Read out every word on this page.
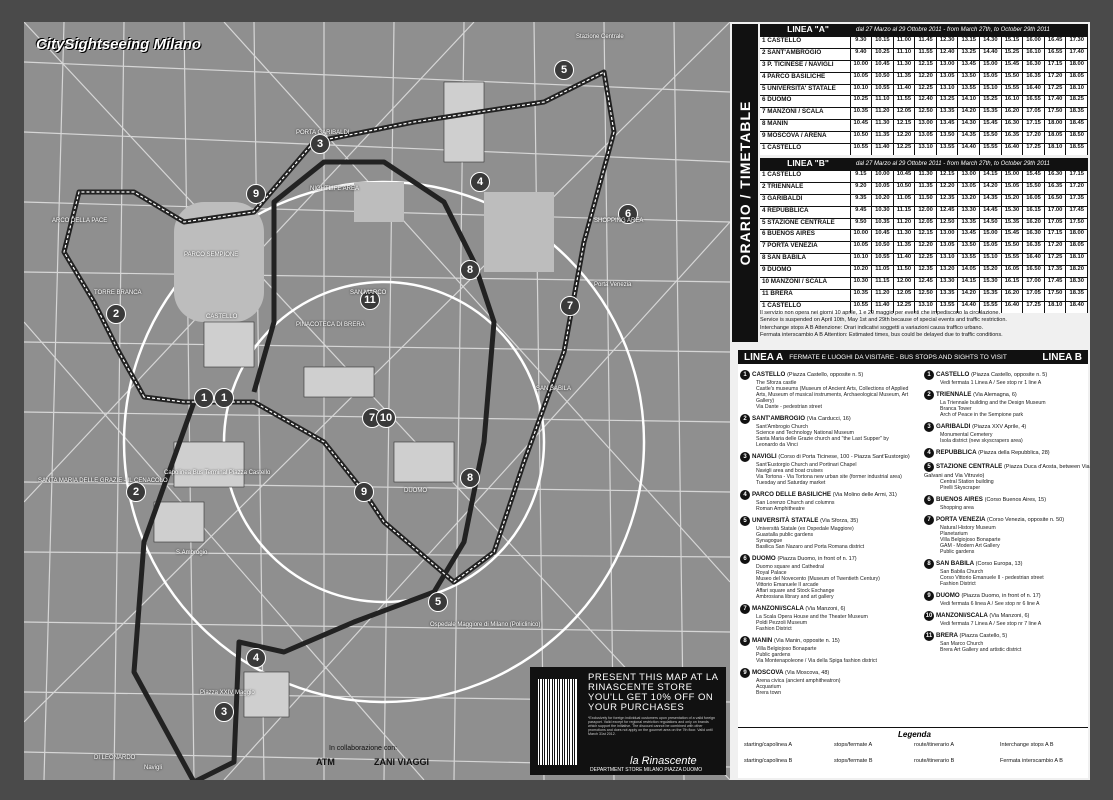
CitySightseeing Milano
1	1
2
2
3
3
4
4
5
5
6
7
7
8
8
9
9
10
11
PORTA GARIBALDI
CASTELLO
SAN MARCO
PINACOTECA DI BRERA
DUOMO
SAN BABILA
S.Ambrogio
PARCO SEMPIONE
ARCO DELLA PACE
SANTA MARIA DELLE GRAZIE - IL CENACOLO
Capolinea Bus Terminal Piazza Castello
TORRE BRANCA
Piazza XXIV Maggio
DI LEONARDO
Navigli
Ospedale Maggiore di Milano (Policlinico)
Stazione Centrale
Porta Venezia
NIGHTLIFE AREA
SHOPPING AREA
PRESENT THIS MAP AT LA RINASCENTE STORE YOU'LL GET 10% OFF ON YOUR PURCHASES
*Exclusively for foreign individual customers upon presentation of a valid foreign passport. Valid except for regional restriction regulations and only on brands which support the initiative. The discount cannot be combined with other promotions and does not apply on the gourmet area on the 7th floor. Valid until March 31st 2012.
la Rinascente
DEPARTMENT STORE MILANO PIAZZA DUOMO
In collaborazione con:
ATM	ZANI VIAGGI
ORARIO / TIMETABLE
LINEA "A"	dal 27 Marzo al 29 Ottobre 2011 - from March 27th, to October 29th 2011
1 CASTELLO	9.30	10.15	11.00	11.45	12.30	13.15	14.30	15.15	16.00	16.45	17.30
2 SANT'AMBROGIO	9.40	10.25	11.10	11.55	12.40	13.25	14.40	15.25	16.10	16.55	17.40
3 P. TICINESE / NAVIGLI	10.00	10.45	11.30	12.15	13.00	13.45	15.00	15.45	16.30	17.15	18.00
4 PARCO BASILICHE	10.05	10.50	11.35	12.20	13.05	13.50	15.05	15.50	16.35	17.20	18.05
5 UNIVERSITA' STATALE	10.10	10.55	11.40	12.25	13.10	13.55	15.10	15.55	16.40	17.25	18.10
6 DUOMO	10.25	11.10	11.55	12.40	13.25	14.10	15.25	16.10	16.55	17.40	18.25
7 MANZONI / SCALA	10.35	11.20	12.05	12.50	13.35	14.20	15.35	16.20	17.05	17.50	18.35
8 MANIN	10.45	11.30	12.15	13.00	13.45	14.30	15.45	16.30	17.15	18.00	18.45
9 MOSCOVA / ARENA	10.50	11.35	12.20	13.05	13.50	14.35	15.50	16.35	17.20	18.05	18.50
1 CASTELLO	10.55	11.40	12.25	13.10	13.55	14.40	15.55	16.40	17.25	18.10	18.55
LINEA "B"	dal 27 Marzo al 29 Ottobre 2011 - from March 27th, to October 29th 2011
1 CASTELLO	9.15	10.00	10.45	11.30	12.15	13.00	14.15	15.00	15.45	16.30	17.15
2 TRIENNALE	9.20	10.05	10.50	11.35	12.20	13.05	14.20	15.05	15.50	16.35	17.20
3 GARIBALDI	9.35	10.20	11.05	11.50	12.35	13.20	14.35	15.20	16.05	16.50	17.35
4 REPUBBLICA	9.45	10.30	11.15	12.00	12.45	13.30	14.45	15.30	16.15	17.00	17.45
5 STAZIONE CENTRALE	9.50	10.35	11.20	12.05	12.50	13.35	14.50	15.35	16.20	17.05	17.50
6 BUENOS AIRES	10.00	10.45	11.30	12.15	13.00	13.45	15.00	15.45	16.30	17.15	18.00
7 PORTA VENEZIA	10.05	10.50	11.35	12.20	13.05	13.50	15.05	15.50	16.35	17.20	18.05
8 SAN BABILA	10.10	10.55	11.40	12.25	13.10	13.55	15.10	15.55	16.40	17.25	18.10
9 DUOMO	10.20	11.05	11.50	12.35	13.20	14.05	15.20	16.05	16.50	17.35	18.20
10 MANZONI / SCALA	10.30	11.15	12.00	12.45	13.30	14.15	15.30	16.15	17.00	17.45	18.30
11 BRERA	10.35	11.20	12.05	12.50	13.35	14.20	15.35	16.20	17.05	17.50	18.35
1 CASTELLO	10.55	11.40	12.25	13.10	13.55	14.40	15.55	16.40	17.25	18.10	18.40
Il servizio non opera nei giorni 10 aprile, 1 e 29 maggio per eventi che impediscono la circolazione.
Service is suspended on April 10th, May 1st and 29th because of special events and traffic restriction.
Interchange stops A B Attenzione: Orari indicativi soggetti a variazioni causa traffico urbano.
Fermata interscambio A B Attention: Estimated times, bus could be delayed due to traffic conditions.
LINEA A FERMATE E LUOGHI DA VISITARE - BUS STOPS AND SIGHTS TO VISIT	LINEA B
1 CASTELLO (Piazza Castello, opposite n. 5)
The Sforza castle
Castle's museums (Museum of Ancient Arts, Collections of Applied Arts, Museum of musical instruments, Archaeological Museum, Art Gallery)
Via Dante - pedestrian street
2 SANT'AMBROGIO (Via Carducci, 16)
Sant'Ambrogio Church
Science and Technology National Museum
Santa Maria delle Grazie church and "the Last Supper" by Leonardo da Vinci
3 NAVIGLI (Corso di Porta Ticinese, 100 - Piazza Sant'Eustorgio)
Sant'Eustorgio Church and Portinari Chapel
Navigli area and boat cruises
Via Tortona - Via Tortona new urban site (former industrial area)
Tuesday and Saturday market
4 PARCO DELLE BASILICHE (Via Molino delle Armi, 31)
San Lorenzo Church and columns
Roman Amphitheatre
5 UNIVERSITÀ STATALE (Via Sforza, 35)
Università Statale (ex Ospedale Maggiore)
Guastalla public gardens
Synagogue
Basilica San Nazaro and Porta Romana district
6 DUOMO (Piazza Duomo, in front of n. 17)
Duomo square and Cathedral
Royal Palace
Museo del Novecento (Museum of Twentieth Century)
Vittorio Emanuele II arcade
Affari square and Stock Exchange
Ambrosiana library and art gallery
7 MANZONI/SCALA (Via Manzoni, 6)
La Scala Opera House and the Theater Museum
Poldi Pezzoli Museum
Fashion District
8 MANIN (Via Manin, opposite n. 15)
Villa Belgiojoso Bonaparte
Public gardens
Via Montenapoleone / Via della Spiga fashion district
9 MOSCOVA (Via Moscova, 48)
Arena civica (ancient amphitheatron)
Acquarium
Brera town
1 CASTELLO (Piazza Castello, opposite n. 5)
Vedi fermata 1 Linea A / See stop nr 1 line A
2 TRIENNALE (Via Alemagna, 6)
La Triennale building and the Design Museum
Branca Tower
Arch of Peace in the Sempione park
3 GARIBALDI (Piazza XXV Aprile, 4)
Monumental Cemetery
Isola district (new skyscrapers area)
4 REPUBBLICA (Piazza della Repubblica, 28)
5 STAZIONE CENTRALE (Piazza Duca d'Aosta, between Via Galvani and Via Vitruvio)
Central Station building
Pirelli Skyscraper
6 BUENOS AIRES (Corso Buenos Aires, 15)
Shopping area
7 PORTA VENEZIA (Corso Venezia, opposite n. 50)
Natural History Museum
Planetarium
Villa Belgiojoso Bonaparte
GAM - Modern Art Gallery
Public gardens
8 SAN BABILA (Corso Europa, 13)
San Babila Church
Corso Vittorio Emanuele II - pedestrian street
Fashion District
9 DUOMO (Piazza Duomo, in front of n. 17)
Vedi fermata 6 linea A / See stop nr 6 line A
10 MANZONI/SCALA (Via Manzoni, 6)
Vedi fermata 7 Linea A / See stop nr 7 line A
11 BRERA (Piazza Castello, 5)
San Marco Church
Brera Art Gallery and artistic district
Legenda
starting/capolinea A
starting/capolinea B
stops/fermate A
stops/fermate B
route/itinerario A
route/itinerario B
Interchange stops A B
Fermata interscambio A B
